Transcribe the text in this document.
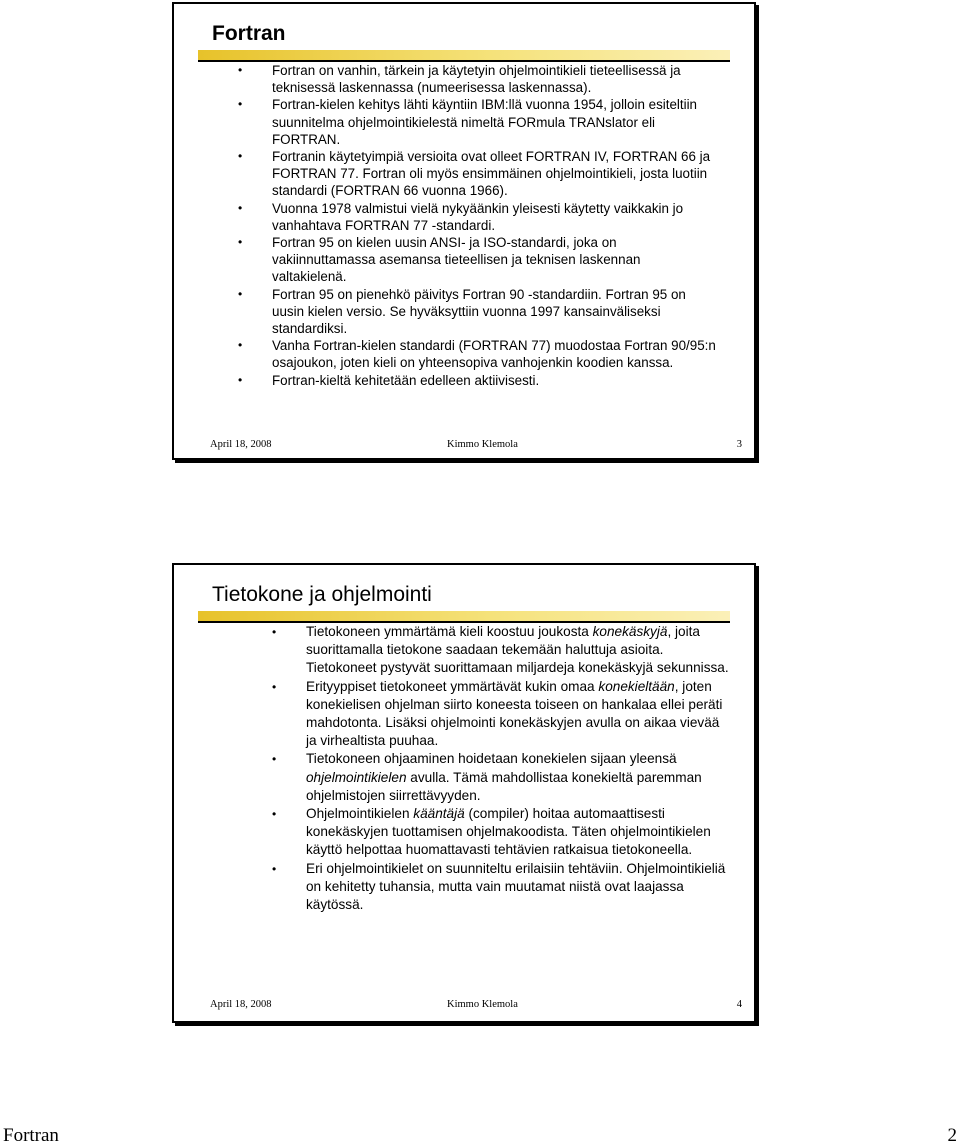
Fortran
• Fortran on vanhin, tärkein ja käytetyin ohjelmointikieli tieteellisessä ja teknisessä laskennassa (numeerisessa laskennassa).
• Fortran-kielen kehitys lähti käyntiin IBM:llä vuonna 1954, jolloin esiteltiin suunnitelma ohjelmointikielestä nimeltä FORmula TRANslator eli FORTRAN.
• Fortranin käytetyimpiä versioita ovat olleet FORTRAN IV, FORTRAN 66 ja FORTRAN 77. Fortran oli myös ensimmäinen ohjelmointikieli, josta luotiin standardi (FORTRAN 66 vuonna 1966).
• Vuonna 1978 valmistui vielä nykyäänkin yleisesti käytetty vaikkakin jo vanhahtava FORTRAN 77 -standardi.
• Fortran 95 on kielen uusin ANSI- ja ISO-standardi, joka on vakiinnuttamassa asemansa tieteellisen ja teknisen laskennan valtakielenä.
• Fortran 95 on pienehkö päivitys Fortran 90 -standardiin. Fortran 95 on uusin kielen versio. Se hyväksyttiin vuonna 1997 kansainväliseksi standardiksi.
• Vanha Fortran-kielen standardi (FORTRAN 77) muodostaa Fortran 90/95:n osajoukon, joten kieli on yhteensopiva vanhojenkin koodien kanssa.
• Fortran-kieltä kehitetään edelleen aktiivisesti.
April 18, 2008	Kimmo Klemola	3
Tietokone ja ohjelmointi
• Tietokoneen ymmärtämä kieli koostuu joukosta konekäskyjä, joita suorittamalla tietokone saadaan tekemään haluttuja asioita. Tietokoneet pystyvät suorittamaan miljardeja konekäskyjä sekunnissa.
• Erityyppiset tietokoneet ymmärtävät kukin omaa konekieltään, joten konekielisen ohjelman siirto koneesta toiseen on hankalaa ellei peräti mahdotonta. Lisäksi ohjelmointi konekäskyjen avulla on aikaa vievää ja virhealtista puuhaa.
• Tietokoneen ohjaaminen hoidetaan konekielen sijaan yleensä ohjelmointikielen avulla. Tämä mahdollistaa konekieltä paremman ohjelmistojen siirrettävyyden.
• Ohjelmointikielen kääntäjä (compiler) hoitaa automaattisesti konekäskyjen tuottamisen ohjelmakoodista. Täten ohjelmointikielen käyttö helpottaa huomattavasti tehtävien ratkaisua tietokoneella.
• Eri ohjelmointikielet on suunniteltu erilaisiin tehtäviin. Ohjelmointikieliä on kehitetty tuhansia, mutta vain muutamat niistä ovat laajassa käytössä.
April 18, 2008	Kimmo Klemola	4
Fortran	2
